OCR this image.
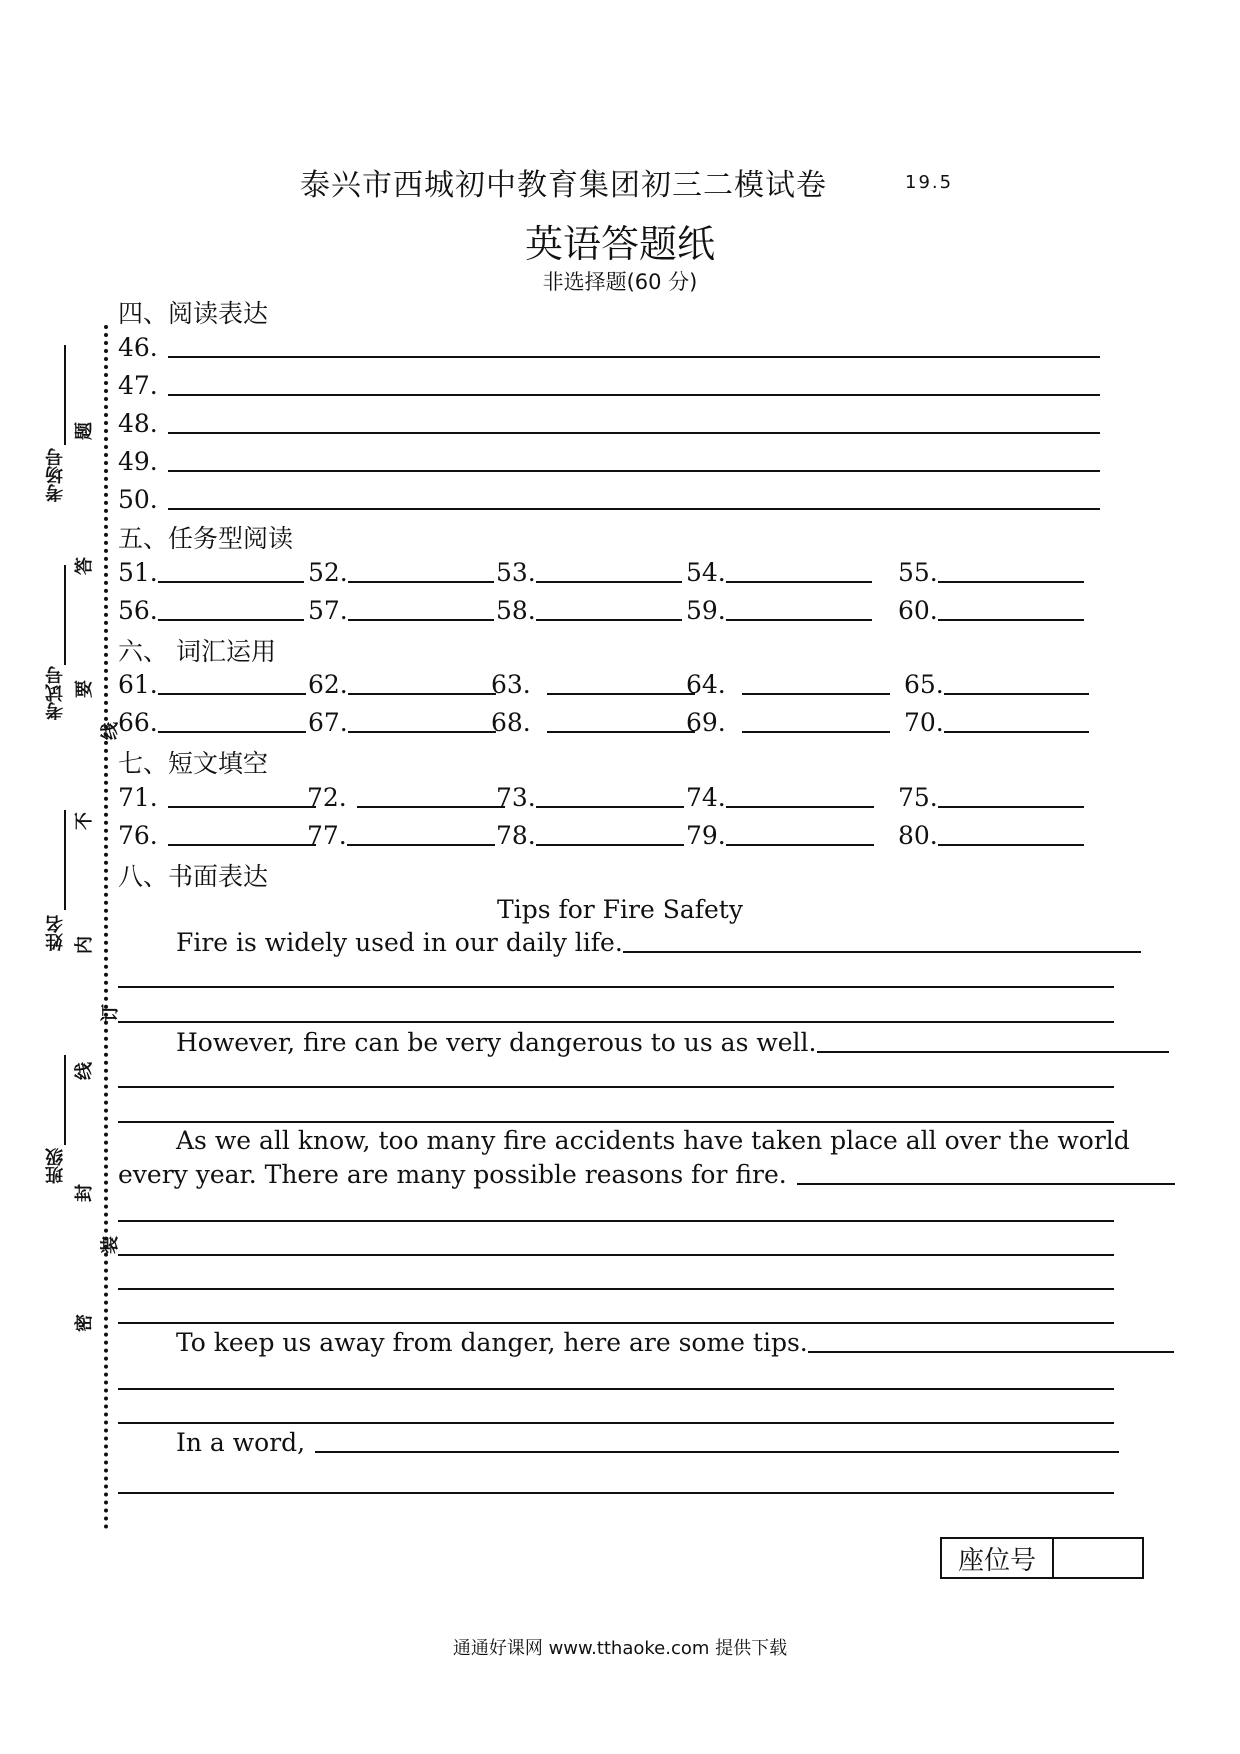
泰兴市西城初中教育集团初三二模试卷	19.5
英语答题纸
非选择题(60 分)
考场号
考试号
姓名
班级
题
答
要
不
内
线
封
密
线
订
装
四、阅读表达
46.
47.
48.
49.
50.
五、任务型阅读
51.	52.	53.	54.	55.
56.	57.	58.	59.	60.
六、 词汇运用
61.	62.	63.	64.	65.
66.	67.	68.	69.	70.
七、短文填空
71.	72.	73.	74.	75.
76.	77.	78.	79.	80.
八、书面表达
Tips for Fire Safety
Fire is widely used in our daily life.
However, fire can be very dangerous to us as well.
As we all know, too many fire accidents have taken place all over the world
every year. There are many possible reasons for fire.
To keep us away from danger, here are some tips.
In a word,
座位号
通通好课网 www.tthaoke.com 提供下载
